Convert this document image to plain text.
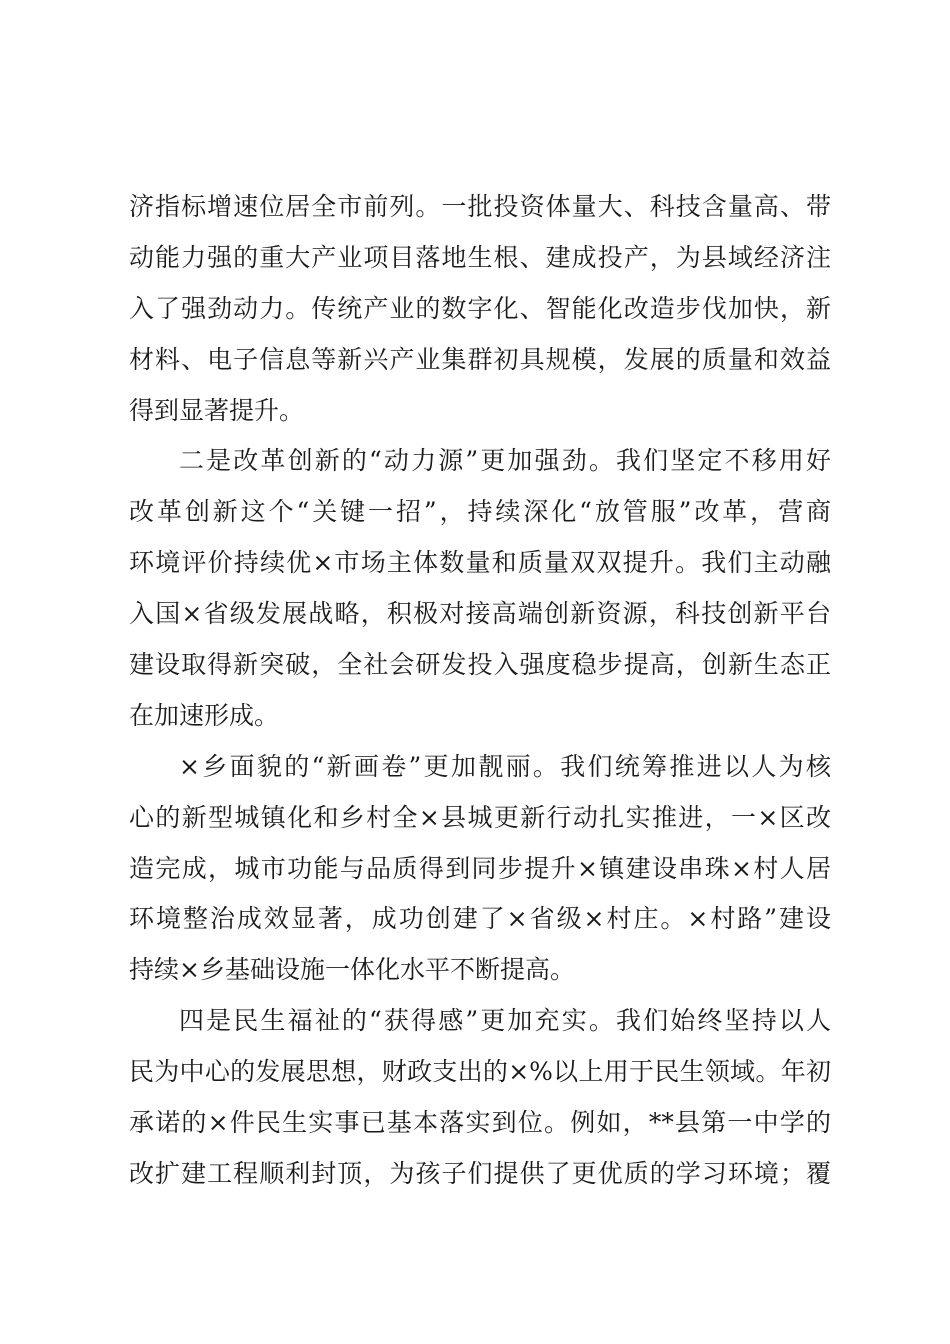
济指标增速位居全市前列。一批投资体量大、科技含量高、带
动能力强的重大产业项目落地生根、建成投产，为县域经济注
入了强劲动力。传统产业的数字化、智能化改造步伐加快，新
材料、电子信息等新兴产业集群初具规模，发展的质量和效益
得到显著提升。
二是改革创新的“动力源”更加强劲。我们坚定不移用好
改革创新这个“关键一招”，持续深化“放管服”改革，营商
环境评价持续优×市场主体数量和质量双双提升。我们主动融
入国×省级发展战略，积极对接高端创新资源，科技创新平台
建设取得新突破，全社会研发投入强度稳步提高，创新生态正
在加速形成。
×乡面貌的“新画卷”更加靓丽。我们统筹推进以人为核
心的新型城镇化和乡村全×县城更新行动扎实推进，一×区改
造完成，城市功能与品质得到同步提升×镇建设串珠×村人居
环境整治成效显著，成功创建了×省级×村庄。×村路”建设
持续×乡基础设施一体化水平不断提高。
四是民生福祉的“获得感”更加充实。我们始终坚持以人
民为中心的发展思想，财政支出的×%以上用于民生领域。年初
承诺的×件民生实事已基本落实到位。例如，**县第一中学的
改扩建工程顺利封顶，为孩子们提供了更优质的学习环境；覆
